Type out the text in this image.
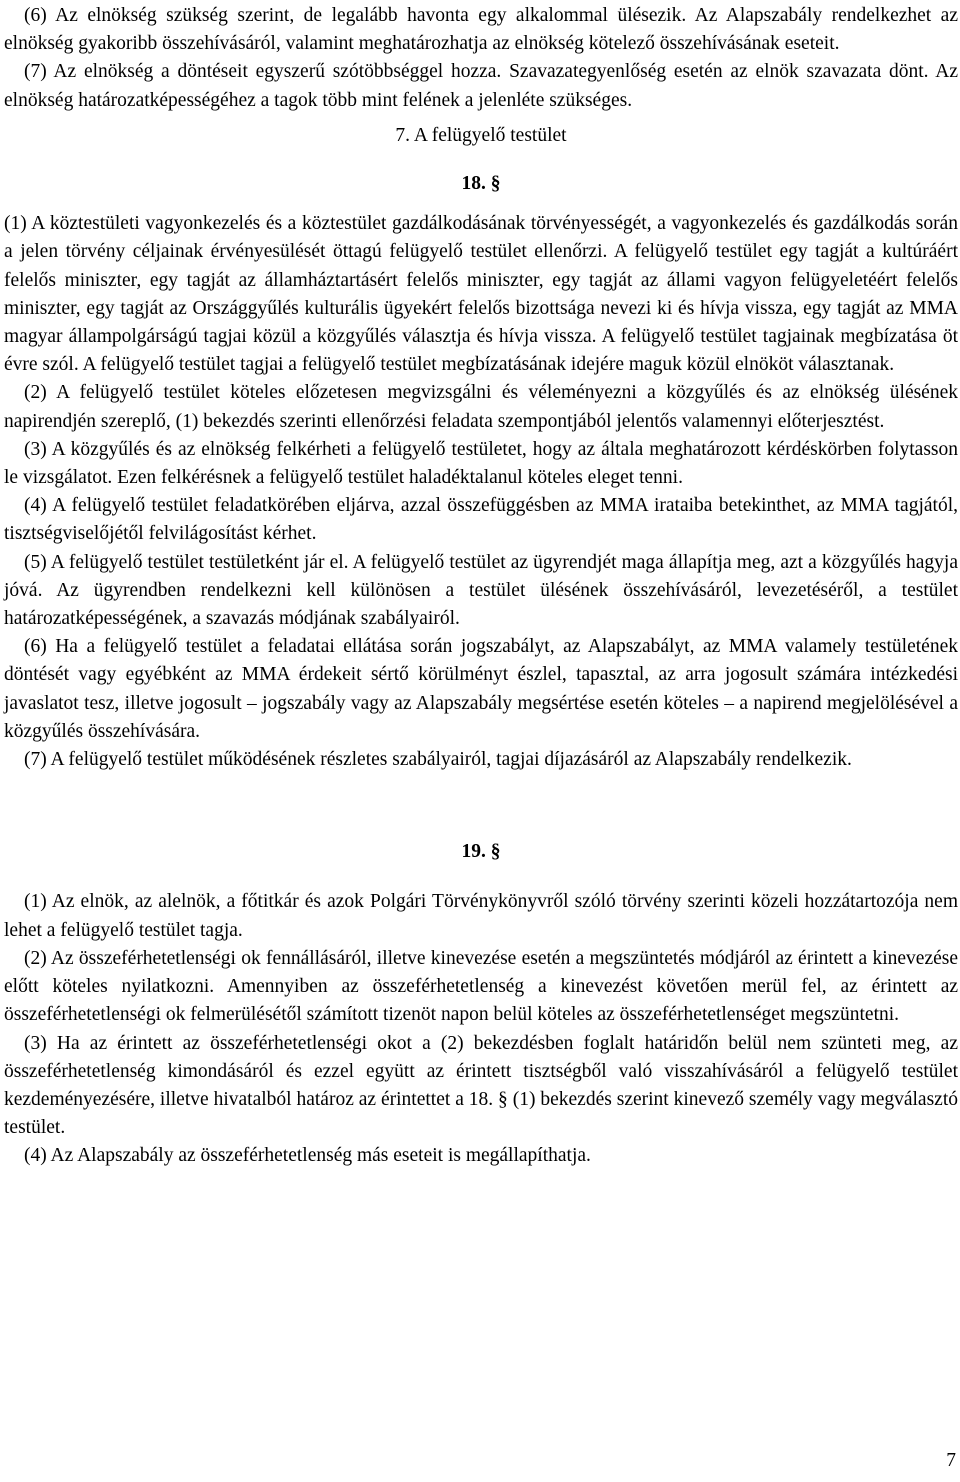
(6) Az elnökség szükség szerint, de legalább havonta egy alkalommal ülésezik. Az Alapszabály rendelkezhet az elnökség gyakoribb összehívásáról, valamint meghatározhatja az elnökség kötelező összehívásának eseteit.

(7) Az elnökség a döntéseit egyszerű szótöbbséggel hozza. Szavazategyenlőség esetén az elnök szavazata dönt. Az elnökség határozatképességéhez a tagok több mint felének a jelenléte szükséges.

7. A felügyelő testület

18. §

(1) A köztestületi vagyonkezelés és a köztestület gazdálkodásának törvényességét, a vagyonkezelés és gazdálkodás során a jelen törvény céljainak érvényesülését öttagú felügyelő testület ellenőrzi. A felügyelő testület egy tagját a kultúráért felelős miniszter, egy tagját az államháztartásért felelős miniszter, egy tagját az állami vagyon felügyeletéért felelős miniszter, egy tagját az Országgyűlés kulturális ügyekért felelős bizottsága nevezi ki és hívja vissza, egy tagját az MMA magyar állampolgárságú tagjai közül a közgyűlés választja és hívja vissza. A felügyelő testület tagjainak megbízatása öt évre szól. A felügyelő testület tagjai a felügyelő testület megbízatásának idejére maguk közül elnököt választanak.

(2) A felügyelő testület köteles előzetesen megvizsgálni és véleményezni a közgyűlés és az elnökség ülésének napirendjén szereplő, (1) bekezdés szerinti ellenőrzési feladata szempontjából jelentős valamennyi előterjesztést.

(3) A közgyűlés és az elnökség felkérheti a felügyelő testületet, hogy az általa meghatározott kérdéskörben folytasson le vizsgálatot. Ezen felkérésnek a felügyelő testület haladéktalanul köteles eleget tenni.

(4) A felügyelő testület feladatkörében eljárva, azzal összefüggésben az MMA irataiba betekinthet, az MMA tagjától, tisztségviselőjétől felvilágosítást kérhet.

(5) A felügyelő testület testületként jár el. A felügyelő testület az ügyrendjét maga állapítja meg, azt a közgyűlés hagyja jóvá. Az ügyrendben rendelkezni kell különösen a testület ülésének összehívásáról, levezetéséről, a testület határozatképességének, a szavazás módjának szabályairól.

(6) Ha a felügyelő testület a feladatai ellátása során jogszabályt, az Alapszabályt, az MMA valamely testületének döntését vagy egyébként az MMA érdekeit sértő körülményt észlel, tapasztal, az arra jogosult számára intézkedési javaslatot tesz, illetve jogosult – jogszabály vagy az Alapszabály megsértése esetén köteles – a napirend megjelölésével a közgyűlés összehívására.

(7) A felügyelő testület működésének részletes szabályairól, tagjai díjazásáról az Alapszabály rendelkezik.

19. §

(1) Az elnök, az alelnök, a főtitkár és azok Polgári Törvénykönyvről szóló törvény szerinti közeli hozzátartozója nem lehet a felügyelő testület tagja.

(2) Az összeférhetetlenségi ok fennállásáról, illetve kinevezése esetén a megszüntetés módjáról az érintett a kinevezése előtt köteles nyilatkozni. Amennyiben az összeférhetetlenség a kinevezést követően merül fel, az érintett az összeférhetetlenségi ok felmerülésétől számított tizenöt napon belül köteles az összeférhetetlenséget megszüntetni.

(3) Ha az érintett az összeférhetetlenségi okot a (2) bekezdésben foglalt határidőn belül nem szünteti meg, az összeférhetetlenség kimondásáról és ezzel együtt az érintett tisztségből való visszahívásáról a felügyelő testület kezdeményezésére, illetve hivatalból határoz az érintettet a 18. § (1) bekezdés szerint kinevező személy vagy megválasztó testület.

(4) Az Alapszabály az összeférhetetlenség más eseteit is megállapíthatja.

7
